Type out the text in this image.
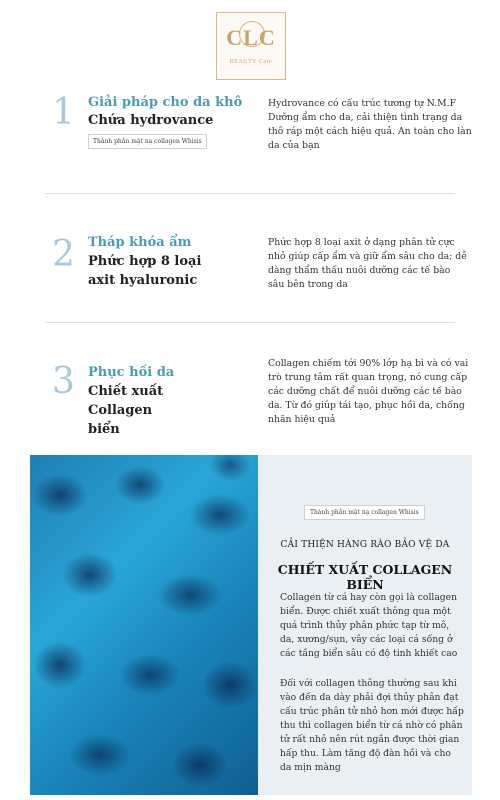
CLC
BEAUTY Care
1 Giải pháp cho da khô
Chứa hydrovance
Thành phần mặt nạ collagen Whisis
Hydrovance có cấu trúc tương tự N.M.F Dưỡng ẩm cho da, cải thiện tình trạng da thô ráp một cách hiệu quả. An toàn cho làn da của bạn
2 Tháp khóa ẩm
Phức hợp 8 loại axit hyaluronic
Phức hợp 8 loại axit ở dạng phân tử cực nhỏ giúp cấp ẩm và giữ ẩm sâu cho da; dễ dàng thẩm thấu nuôi dưỡng các tế bào sâu bên trong da
3 Phục hồi da
Chiết xuất Collagen biển
Collagen chiếm tới 90% lớp hạ bì và có vai trò trung tâm rất quan trọng, nó cung cấp các dưỡng chất để nuôi dưỡng các tế bào da. Từ đó giúp tái tạo, phục hồi da, chống nhăn hiệu quả
Thành phần mặt nạ collagen Whisis
CẢI THIỆN HÀNG RÀO BẢO VỆ DA
CHIẾT XUẤT COLLAGEN BIỂN
Collagen từ cá hay còn gọi là collagen biển. Được chiết xuất thông qua một quá trình thủy phân phức tạp từ mô, da, xương/sụn, vây các loại cá sống ở các tầng biển sâu có độ tinh khiết cao
Đối với collagen thông thường sau khi vào đến da dày phải đợi thủy phân đạt cấu trúc phân tử nhỏ hơn mới được hấp thu thì collagen biển từ cá nhờ có phân tử rất nhỏ nên rút ngắn được thời gian hấp thu. Làm tăng độ đàn hồi và cho da mịn màng
